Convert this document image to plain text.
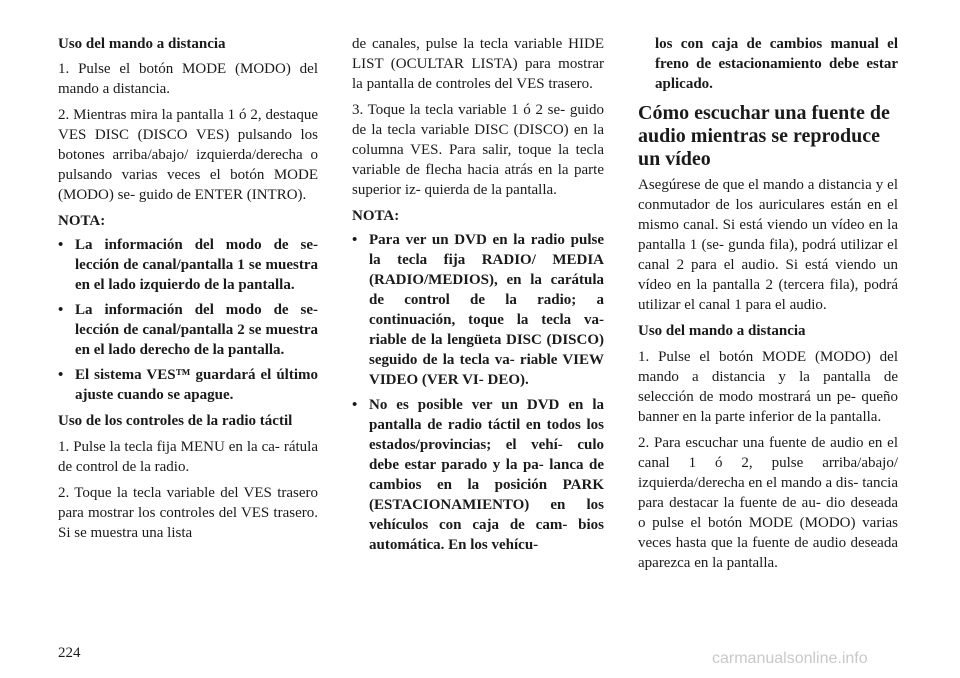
Uso del mando a distancia

1. Pulse el botón MODE (MODO) del mando a distancia.

2. Mientras mira la pantalla 1 ó 2, destaque VES DISC (DISCO VES) pulsando los botones arriba/abajo/ izquierda/derecha o pulsando varias veces el botón MODE (MODO) se- guido de ENTER (INTRO).

NOTA:

• La información del modo de se- lección de canal/pantalla 1 se muestra en el lado izquierdo de la pantalla.
• La información del modo de se- lección de canal/pantalla 2 se muestra en el lado derecho de la pantalla.
• El sistema VES™ guardará el último ajuste cuando se apague.

Uso de los controles de la radio táctil

1. Pulse la tecla fija MENU en la ca- rátula de control de la radio.

2. Toque la tecla variable del VES trasero para mostrar los controles del VES trasero. Si se muestra una lista

de canales, pulse la tecla variable HIDE LIST (OCULTAR LISTA) para mostrar la pantalla de controles del VES trasero.

3. Toque la tecla variable 1 ó 2 se- guido de la tecla variable DISC (DISCO) en la columna VES. Para salir, toque la tecla variable de flecha hacia atrás en la parte superior iz- quierda de la pantalla.

NOTA:

• Para ver un DVD en la radio pulse la tecla fija RADIO/ MEDIA (RADIO/MEDIOS), en la carátula de control de la radio; a continuación, toque la tecla va- riable de la lengüeta DISC (DISCO) seguido de la tecla va- riable VIEW VIDEO (VER VI- DEO).
• No es posible ver un DVD en la pantalla de radio táctil en todos los estados/provincias; el vehí- culo debe estar parado y la pa- lanca de cambios en la posición PARK (ESTACIONAMIENTO) en los vehículos con caja de cam- bios automática. En los vehícu-

los con caja de cambios manual el freno de estacionamiento debe estar aplicado.

Cómo escuchar una fuente de audio mientras se reproduce un vídeo

Asegúrese de que el mando a distancia y el conmutador de los auriculares están en el mismo canal. Si está viendo un vídeo en la pantalla 1 (se- gunda fila), podrá utilizar el canal 2 para el audio. Si está viendo un vídeo en la pantalla 2 (tercera fila), podrá utilizar el canal 1 para el audio.

Uso del mando a distancia

1. Pulse el botón MODE (MODO) del mando a distancia y la pantalla de selección de modo mostrará un pe- queño banner en la parte inferior de la pantalla.

2. Para escuchar una fuente de audio en el canal 1 ó 2, pulse arriba/abajo/ izquierda/derecha en el mando a dis- tancia para destacar la fuente de au- dio deseada o pulse el botón MODE (MODO) varias veces hasta que la fuente de audio deseada aparezca en la pantalla.

224	carmanualsonline.info
